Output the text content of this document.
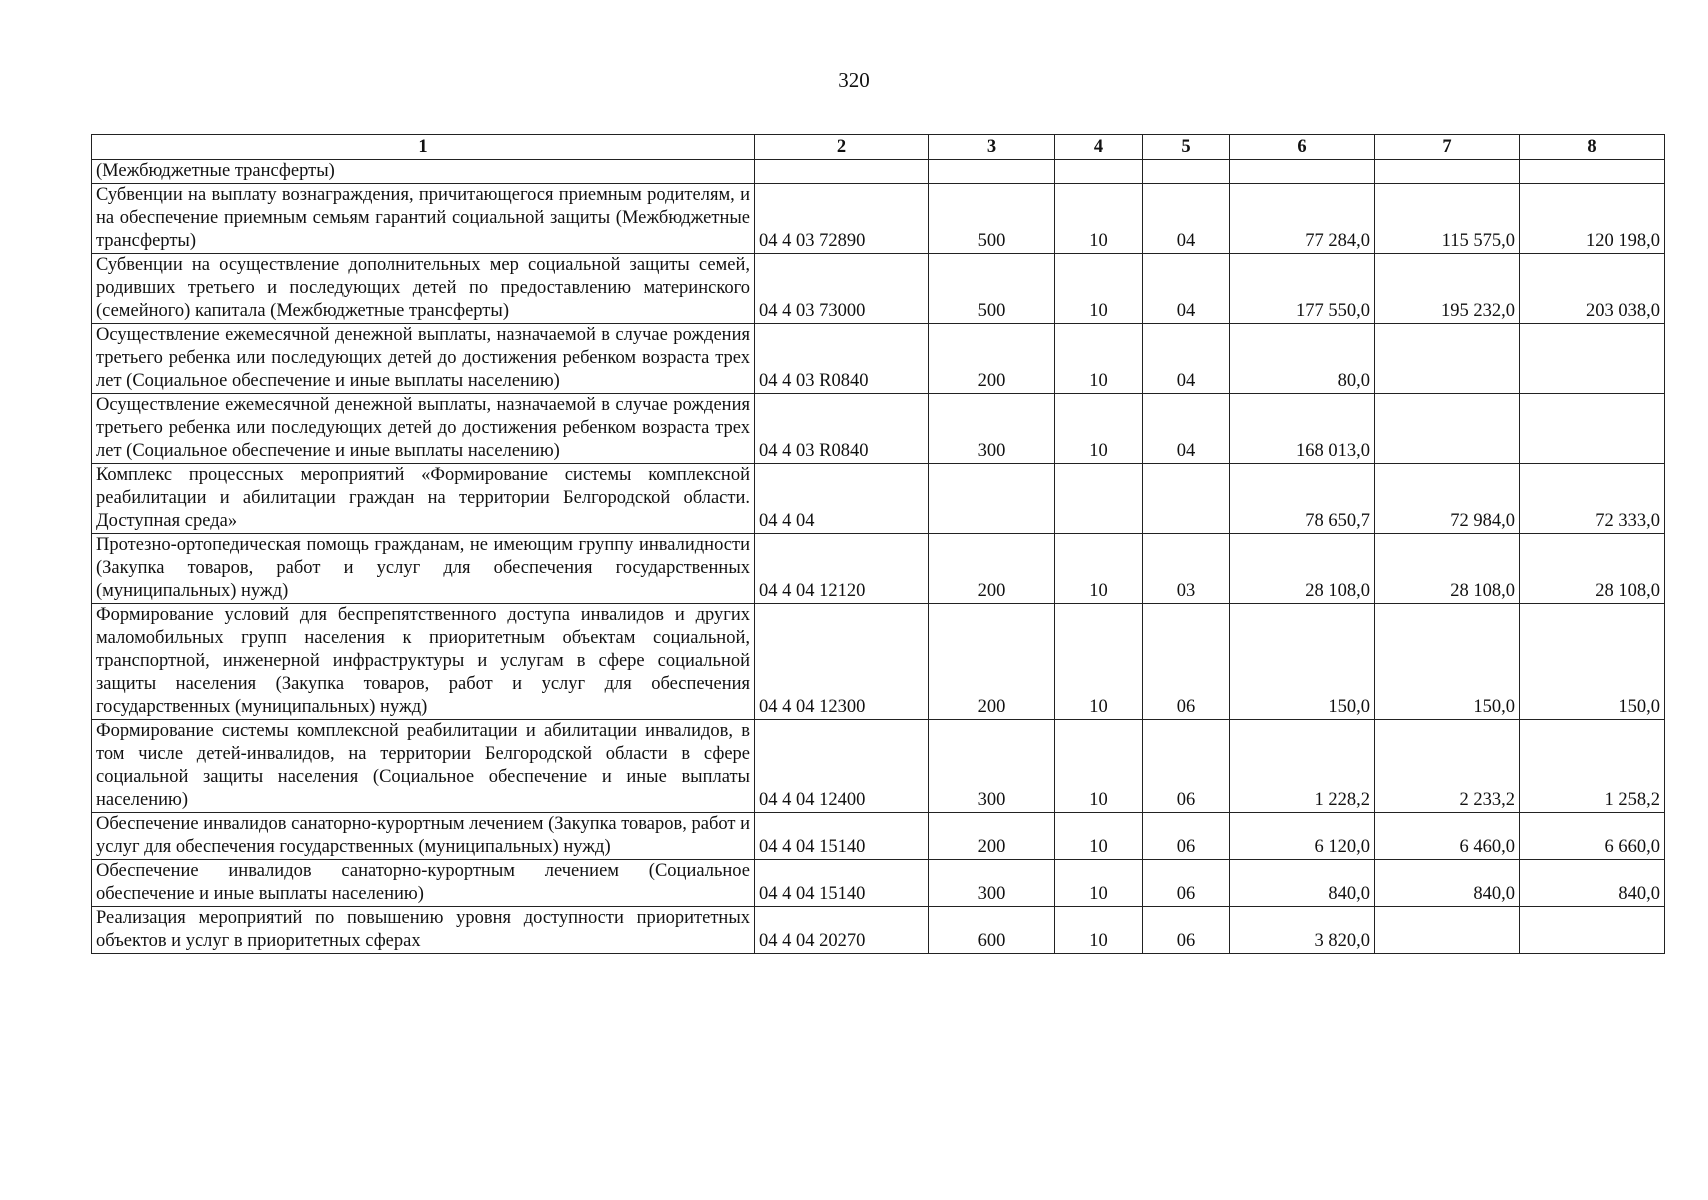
320
1	2	3	4	5	6	7	8
(Межбюджетные трансферты)							
Субвенции на выплату вознаграждения, причитающегося приемным родителям, и на обеспечение приемным семьям гарантий социальной защиты (Межбюджетные трансферты)	04 4 03 72890	500	10	04	77 284,0	115 575,0	120 198,0
Субвенции на осуществление дополнительных мер социальной защиты семей, родивших третьего и последующих детей по предоставлению материнского (семейного) капитала (Межбюджетные трансферты)	04 4 03 73000	500	10	04	177 550,0	195 232,0	203 038,0
Осуществление ежемесячной денежной выплаты, назначаемой в случае рождения третьего ребенка или последующих детей до достижения ребенком возраста трех лет (Социальное обеспечение и иные выплаты населению)	04 4 03 R0840	200	10	04	80,0		
Осуществление ежемесячной денежной выплаты, назначаемой в случае рождения третьего ребенка или последующих детей до достижения ребенком возраста трех лет (Социальное обеспечение и иные выплаты населению)	04 4 03 R0840	300	10	04	168 013,0		
Комплекс процессных мероприятий «Формирование системы комплексной реабилитации и абилитации граждан на территории Белгородской области. Доступная среда»	04 4 04				78 650,7	72 984,0	72 333,0
Протезно-ортопедическая помощь гражданам, не имеющим группу инвалидности (Закупка товаров, работ и услуг для обеспечения государственных (муниципальных) нужд)	04 4 04 12120	200	10	03	28 108,0	28 108,0	28 108,0
Формирование условий для беспрепятственного доступа инвалидов и других маломобильных групп населения к приоритетным объектам социальной, транспортной, инженерной инфраструктуры и услугам в сфере социальной защиты населения (Закупка товаров, работ и услуг для обеспечения государственных (муниципальных) нужд)	04 4 04 12300	200	10	06	150,0	150,0	150,0
Формирование системы комплексной реабилитации и абилитации инвалидов, в том числе детей-инвалидов, на территории Белгородской области в сфере социальной защиты населения (Социальное обеспечение и иные выплаты населению)	04 4 04 12400	300	10	06	1 228,2	2 233,2	1 258,2
Обеспечение инвалидов санаторно-курортным лечением (Закупка товаров, работ и услуг для обеспечения государственных (муниципальных) нужд)	04 4 04 15140	200	10	06	6 120,0	6 460,0	6 660,0
Обеспечение инвалидов санаторно-курортным лечением (Социальное обеспечение и иные выплаты населению)	04 4 04 15140	300	10	06	840,0	840,0	840,0
Реализация мероприятий по повышению уровня доступности приоритетных объектов и услуг в приоритетных сферах	04 4 04 20270	600	10	06	3 820,0		
